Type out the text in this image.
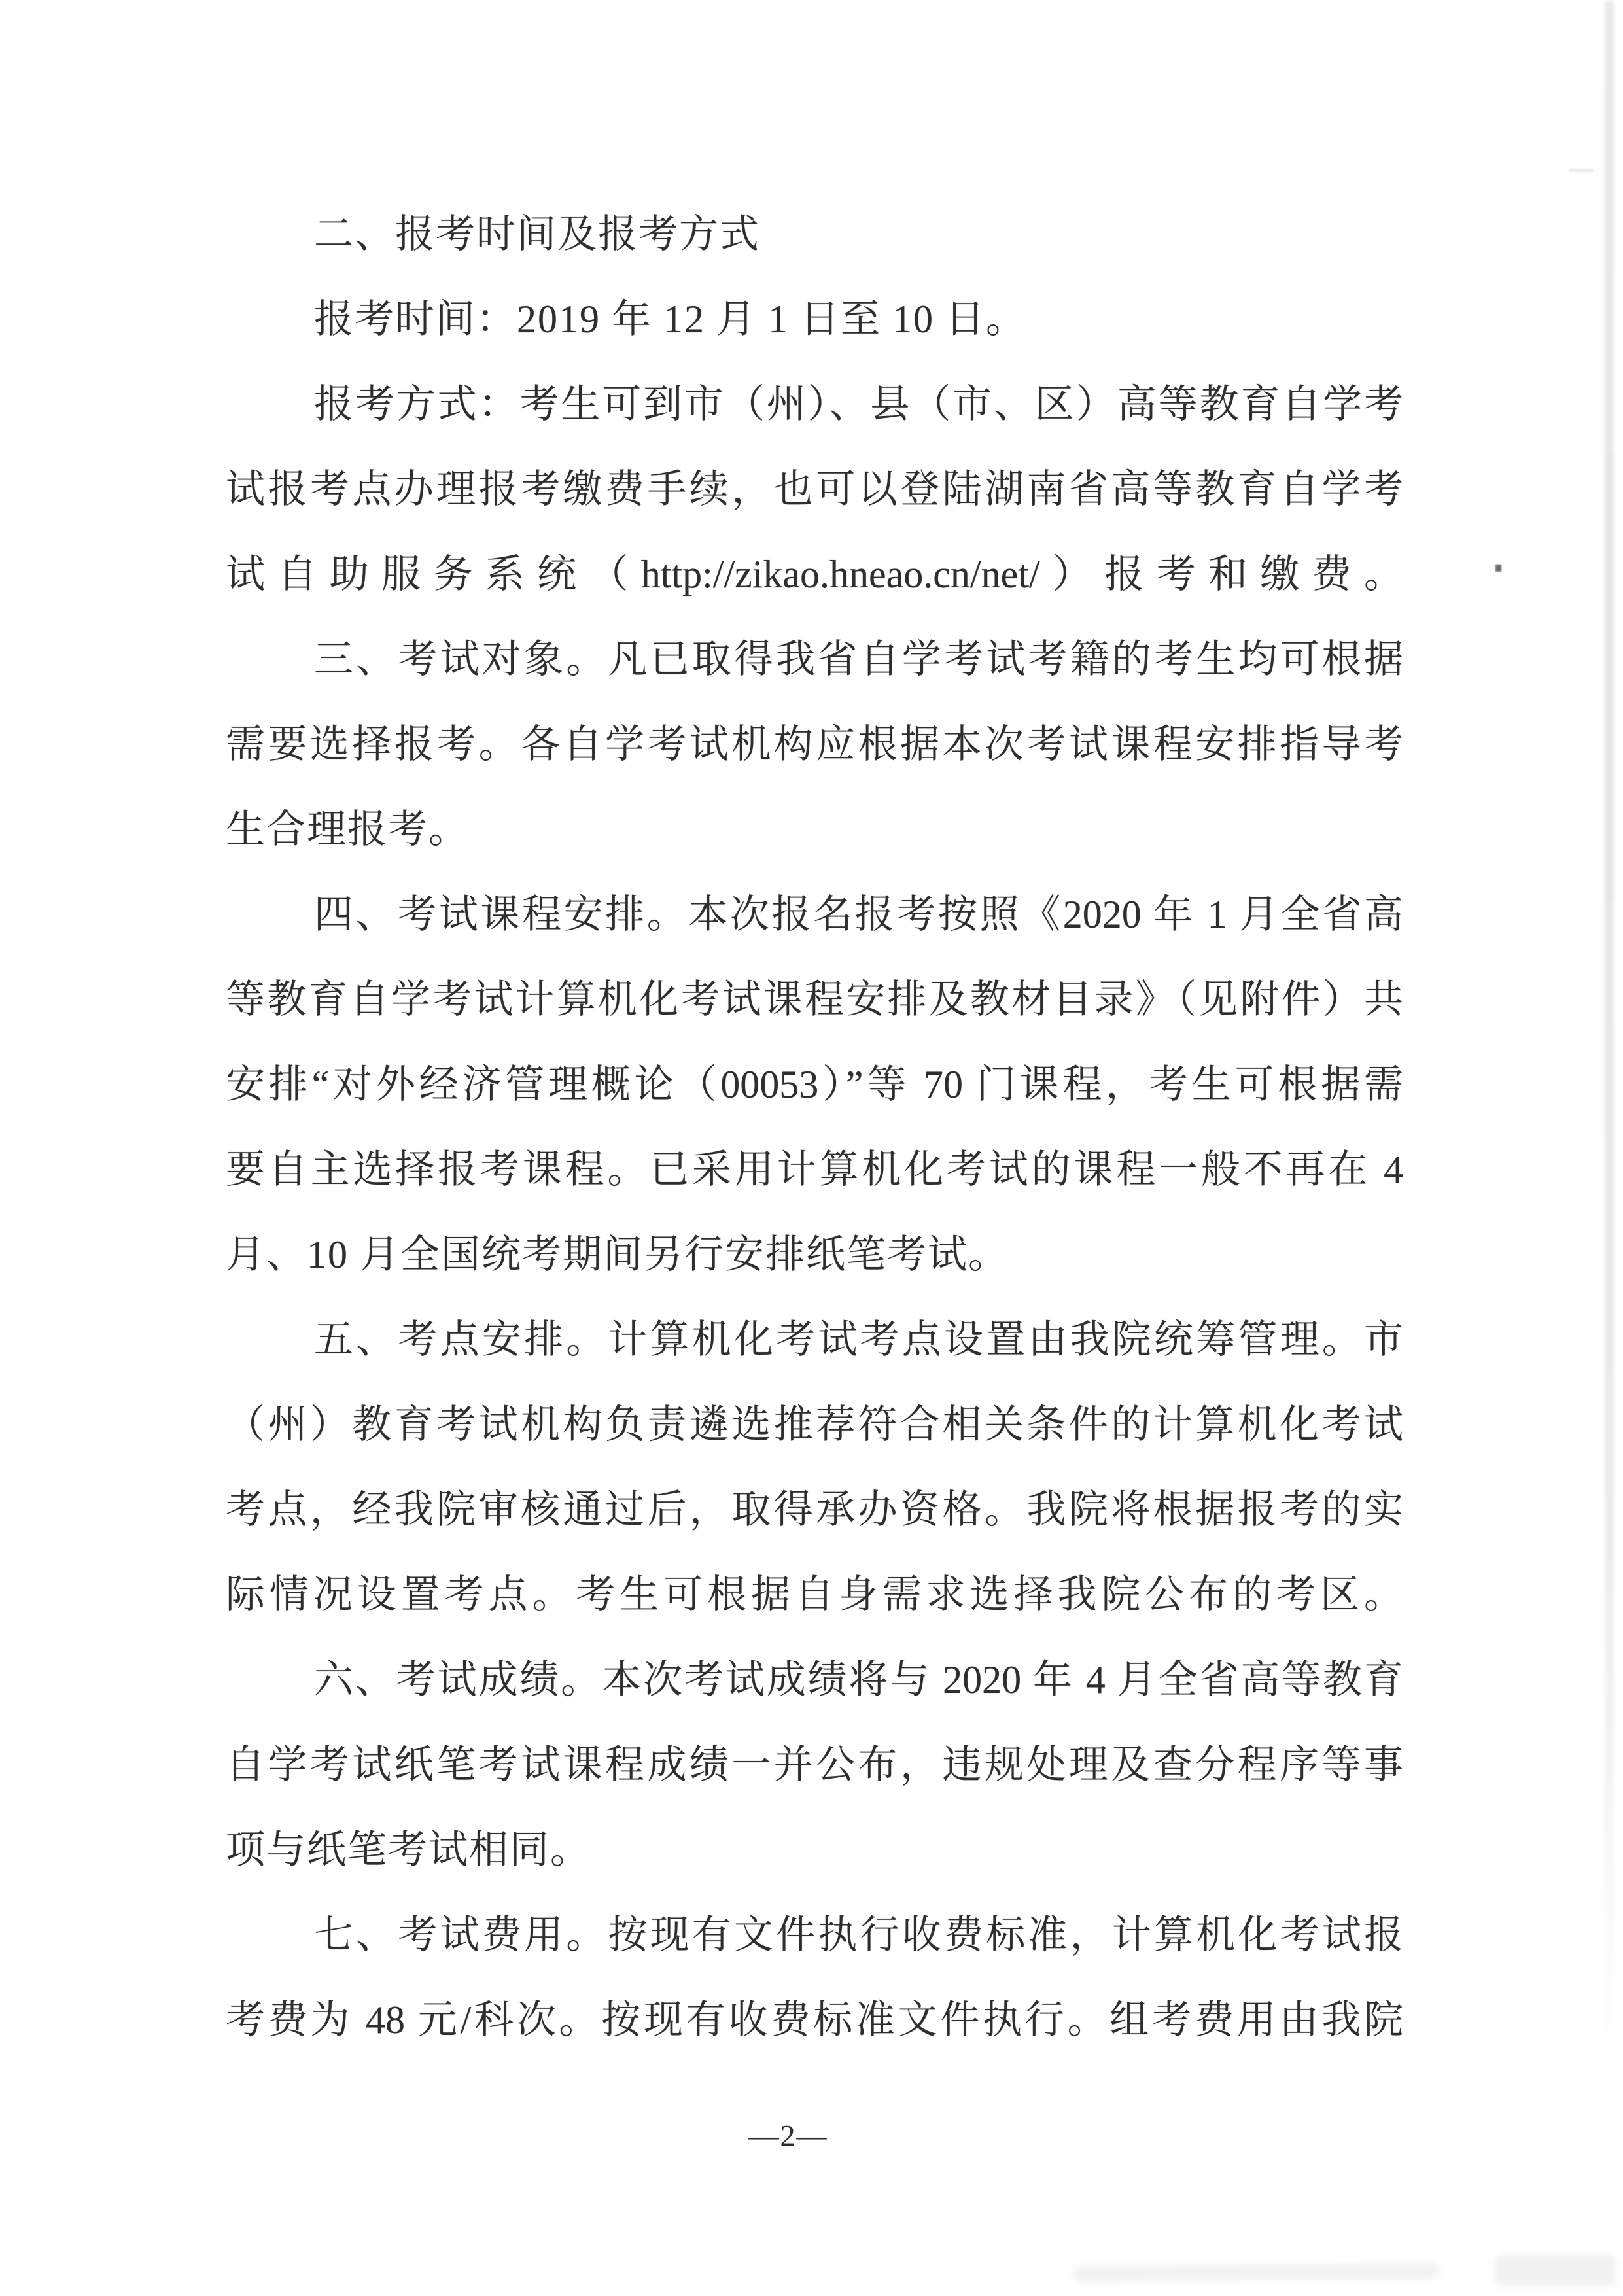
二、报考时间及报考方式
报考时间：2019 年 12 月 1 日至 10 日。
报考方式：考生可到市（州）、县（市、区）高等教育自学考
试报考点办理报考缴费手续，也可以登陆湖南省高等教育自学考
试自助服务系统（http://zikao.hneao.cn/net/）报考和缴费。
三、考试对象。凡已取得我省自学考试考籍的考生均可根据
需要选择报考。各自学考试机构应根据本次考试课程安排指导考
生合理报考。
四、考试课程安排。本次报名报考按照《2020 年 1 月全省高
等教育自学考试计算机化考试课程安排及教材目录》（见附件）共
安排“对外经济管理概论（00053）”等 70 门课程，考生可根据需
要自主选择报考课程。已采用计算机化考试的课程一般不再在 4
月、10 月全国统考期间另行安排纸笔考试。
五、考点安排。计算机化考试考点设置由我院统筹管理。市
（州）教育考试机构负责遴选推荐符合相关条件的计算机化考试
考点，经我院审核通过后，取得承办资格。我院将根据报考的实
际情况设置考点。考生可根据自身需求选择我院公布的考区。
六、考试成绩。本次考试成绩将与 2020 年 4 月全省高等教育
自学考试纸笔考试课程成绩一并公布，违规处理及查分程序等事
项与纸笔考试相同。
七、考试费用。按现有文件执行收费标准，计算机化考试报
考费为 48 元/科次。按现有收费标准文件执行。组考费用由我院
—2—
